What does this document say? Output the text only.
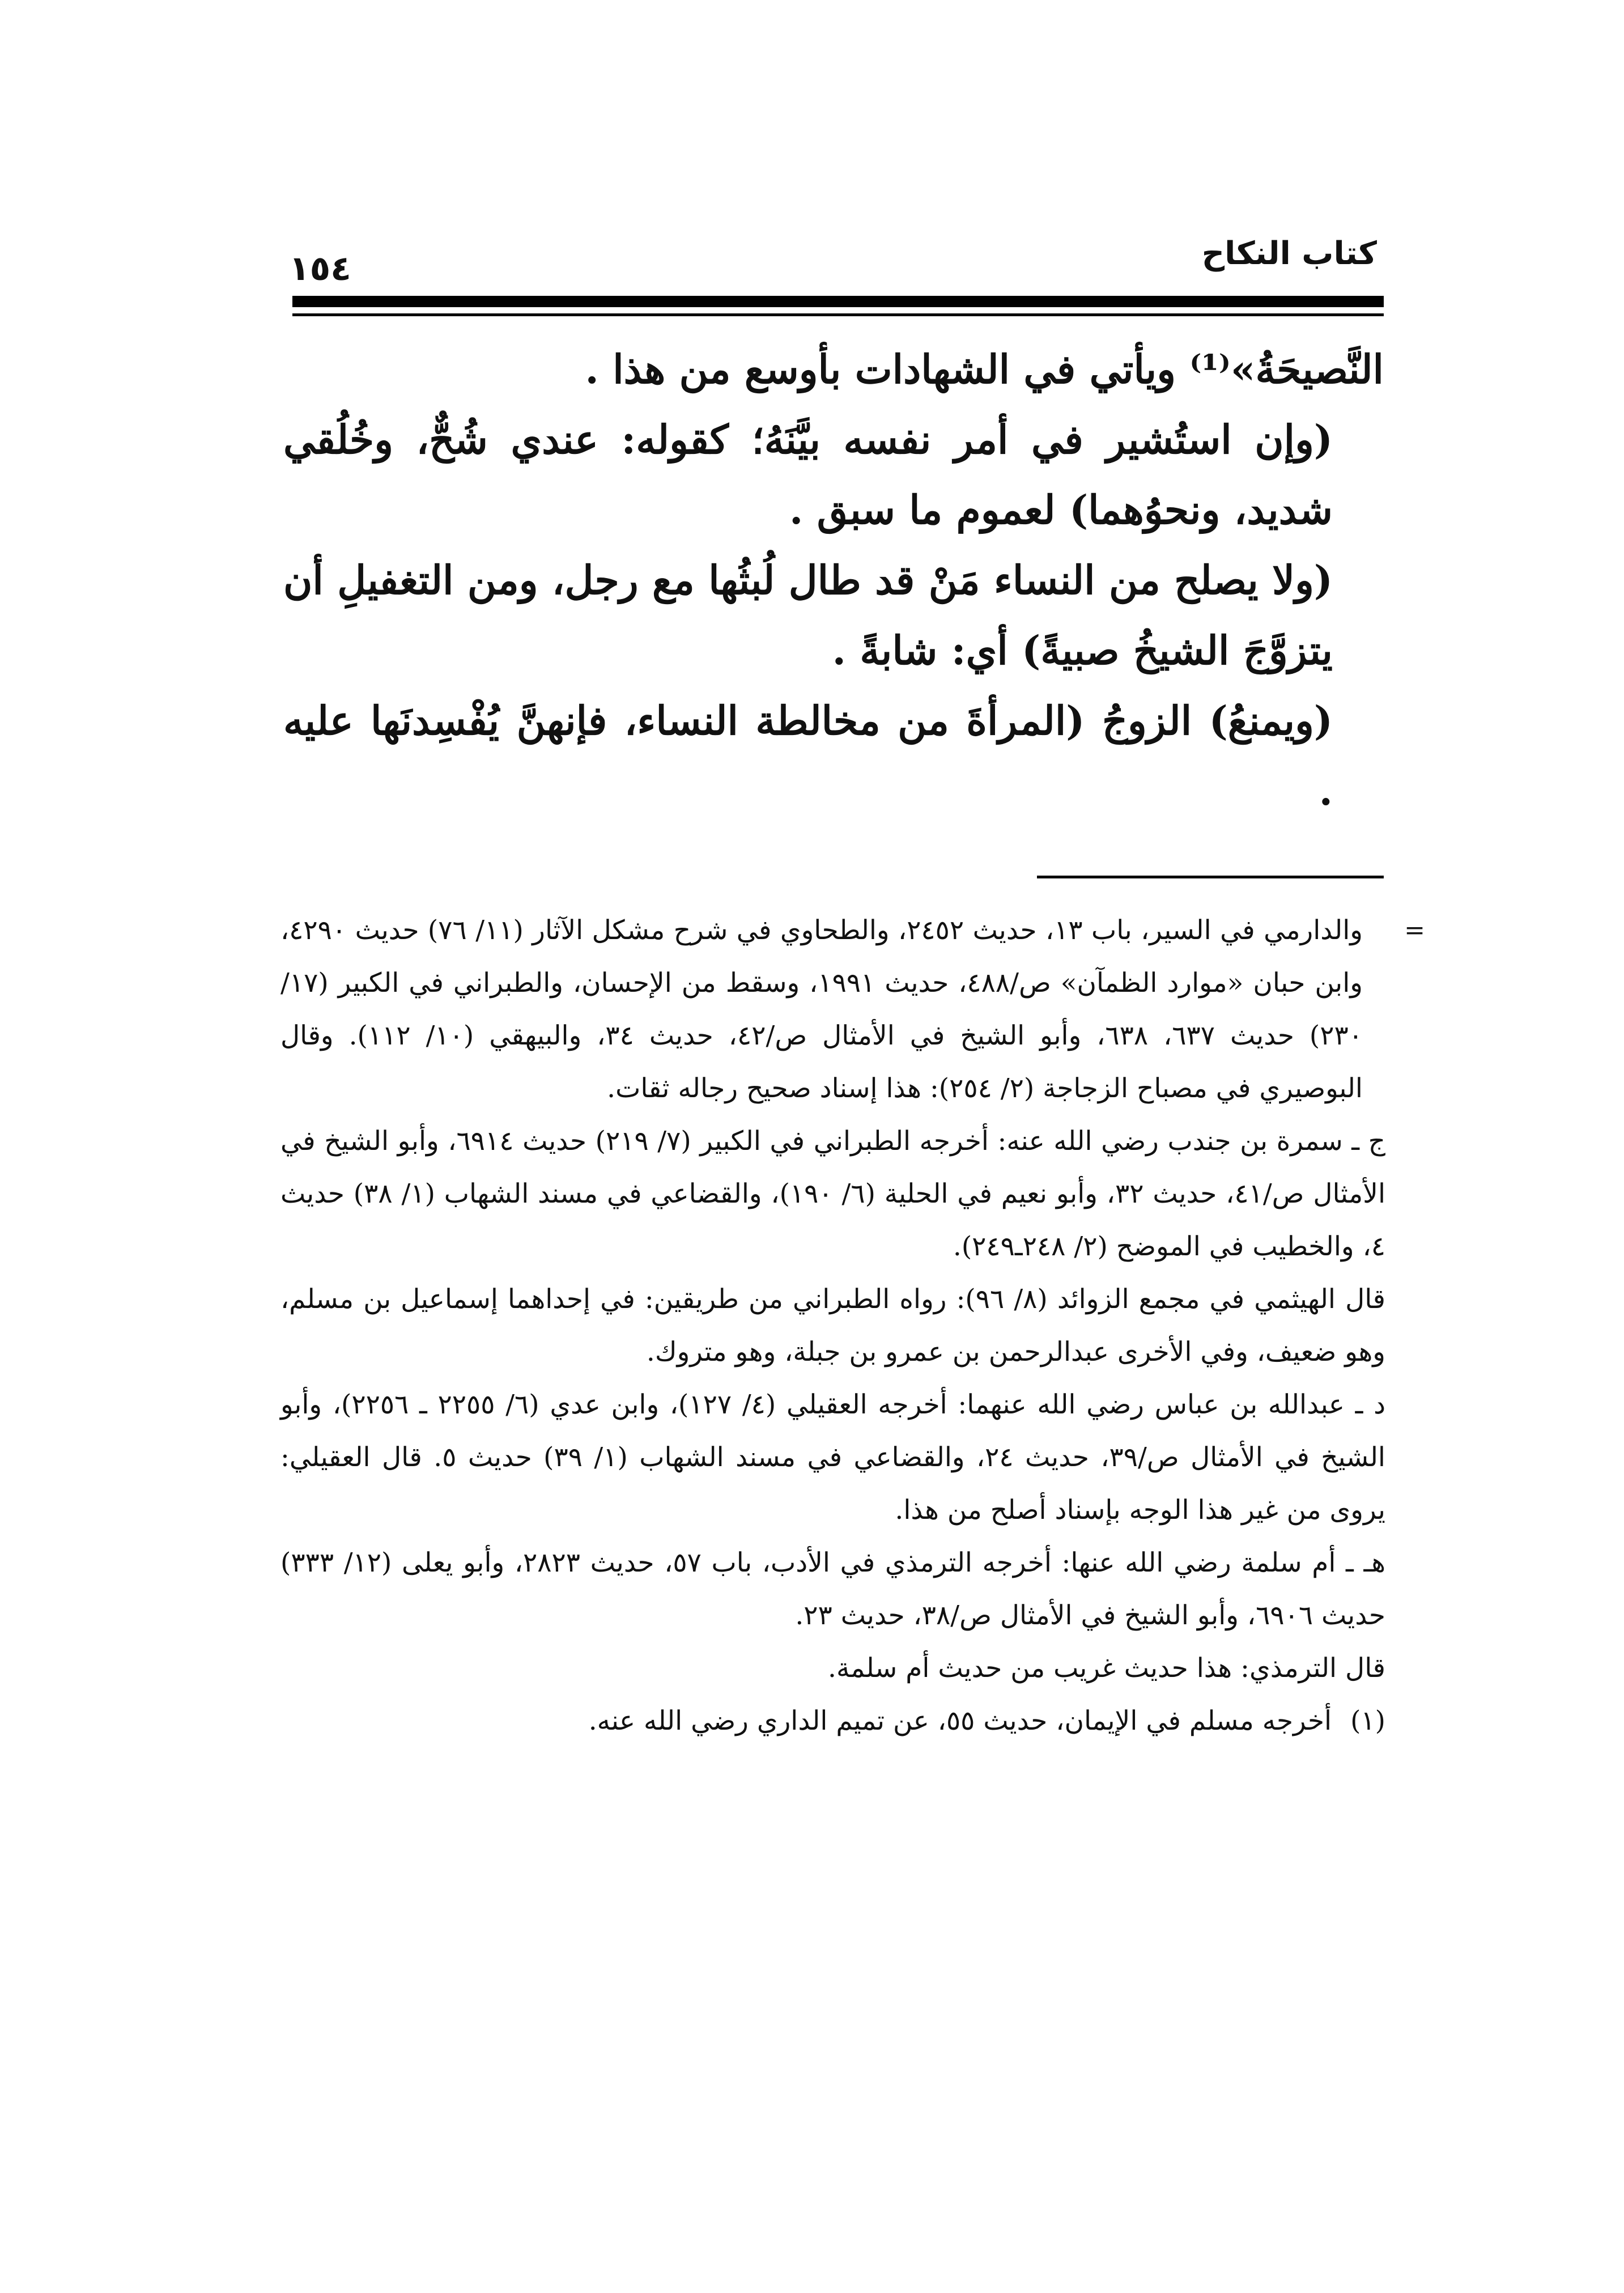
كتاب النكاح
١٥٤

النَّصيحَةُ»⁽¹⁾ ويأتي في الشهادات بأوسع من هذا .

(وإن استُشير في أمر نفسه بيَّنَهُ؛ كقوله: عندي شُحٌّ، وخُلُقي شديد، ونحوُهما) لعموم ما سبق .

(ولا يصلح من النساء مَنْ قد طال لُبثُها مع رجل، ومن التغفيلِ أن يتزوَّجَ الشيخُ صبيةً) أي: شابةً .

(ويمنعُ) الزوجُ (المرأةَ من مخالطة النساء، فإنهنَّ يُفْسِدنَها عليه .

=
والدارمي في السير، باب ١٣، حديث ٢٤٥٢، والطحاوي في شرح مشكل الآثار (١١/ ٧٦) حديث ٤٢٩٠، وابن حبان «موارد الظمآن» ص/٤٨٨، حديث ١٩٩١، وسقط من الإحسان، والطبراني في الكبير (١٧/ ٢٣٠) حديث ٦٣٧، ٦٣٨، وأبو الشيخ في الأمثال ص/٤٢، حديث ٣٤، والبيهقي (١٠/ ١١٢). وقال البوصيري في مصباح الزجاجة (٢/ ٢٥٤): هذا إسناد صحيح رجاله ثقات.

ج ـ سمرة بن جندب رضي الله عنه: أخرجه الطبراني في الكبير (٧/ ٢١٩) حديث ٦٩١٤، وأبو الشيخ في الأمثال ص/٤١، حديث ٣٢، وأبو نعيم في الحلية (٦/ ١٩٠)، والقضاعي في مسند الشهاب (١/ ٣٨) حديث ٤، والخطيب في الموضح (٢/ ٢٤٨ـ٢٤٩).

قال الهيثمي في مجمع الزوائد (٨/ ٩٦): رواه الطبراني من طريقين: في إحداهما إسماعيل بن مسلم، وهو ضعيف، وفي الأخرى عبدالرحمن بن عمرو بن جبلة، وهو متروك.

د ـ عبدالله بن عباس رضي الله عنهما: أخرجه العقيلي (٤/ ١٢٧)، وابن عدي (٦/ ٢٢٥٥ ـ ٢٢٥٦)، وأبو الشيخ في الأمثال ص/٣٩، حديث ٢٤، والقضاعي في مسند الشهاب (١/ ٣٩) حديث ٥. قال العقيلي: يروى من غير هذا الوجه بإسناد أصلح من هذا.

هـ ـ أم سلمة رضي الله عنها: أخرجه الترمذي في الأدب، باب ٥٧، حديث ٢٨٢٣، وأبو يعلى (١٢/ ٣٣٣) حديث ٦٩٠٦، وأبو الشيخ في الأمثال ص/٣٨، حديث ٢٣.

قال الترمذي: هذا حديث غريب من حديث أم سلمة.

(١) أخرجه مسلم في الإيمان، حديث ٥٥، عن تميم الداري رضي الله عنه.
